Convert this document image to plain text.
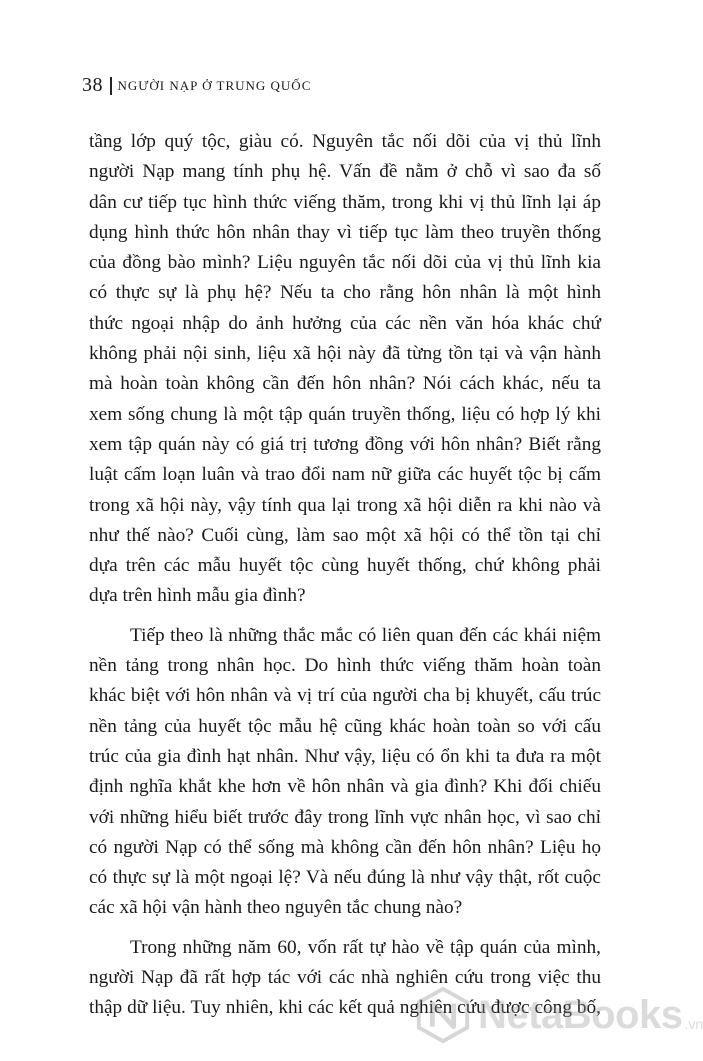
38 NGƯỜI NẠP Ở TRUNG QUỐC
tầng lớp quý tộc, giàu có. Nguyên tắc nối dõi của vị thủ lĩnh
người Nạp mang tính phụ hệ. Vấn đề nằm ở chỗ vì sao đa số
dân cư tiếp tục hình thức viếng thăm, trong khi vị thủ lĩnh lại áp
dụng hình thức hôn nhân thay vì tiếp tục làm theo truyền thống
của đồng bào mình? Liệu nguyên tắc nối dõi của vị thủ lĩnh kia
có thực sự là phụ hệ? Nếu ta cho rằng hôn nhân là một hình
thức ngoại nhập do ảnh hưởng của các nền văn hóa khác chứ
không phải nội sinh, liệu xã hội này đã từng tồn tại và vận hành
mà hoàn toàn không cần đến hôn nhân? Nói cách khác, nếu ta
xem sống chung là một tập quán truyền thống, liệu có hợp lý khi
xem tập quán này có giá trị tương đồng với hôn nhân? Biết rằng
luật cấm loạn luân và trao đổi nam nữ giữa các huyết tộc bị cấm
trong xã hội này, vậy tính qua lại trong xã hội diễn ra khi nào và
như thế nào? Cuối cùng, làm sao một xã hội có thể tồn tại chỉ
dựa trên các mẫu huyết tộc cùng huyết thống, chứ không phải
dựa trên hình mẫu gia đình?
Tiếp theo là những thắc mắc có liên quan đến các khái niệm
nền tảng trong nhân học. Do hình thức viếng thăm hoàn toàn
khác biệt với hôn nhân và vị trí của người cha bị khuyết, cấu trúc
nền tảng của huyết tộc mẫu hệ cũng khác hoàn toàn so với cấu
trúc của gia đình hạt nhân. Như vậy, liệu có ổn khi ta đưa ra một
định nghĩa khắt khe hơn về hôn nhân và gia đình? Khi đối chiếu
với những hiểu biết trước đây trong lĩnh vực nhân học, vì sao chỉ
có người Nạp có thể sống mà không cần đến hôn nhân? Liệu họ
có thực sự là một ngoại lệ? Và nếu đúng là như vậy thật, rốt cuộc
các xã hội vận hành theo nguyên tắc chung nào?
Trong những năm 60, vốn rất tự hào về tập quán của mình,
người Nạp đã rất hợp tác với các nhà nghiên cứu trong việc thu
thập dữ liệu. Tuy nhiên, khi các kết quả nghiên cứu được công bố,
NetaBooks .vn
